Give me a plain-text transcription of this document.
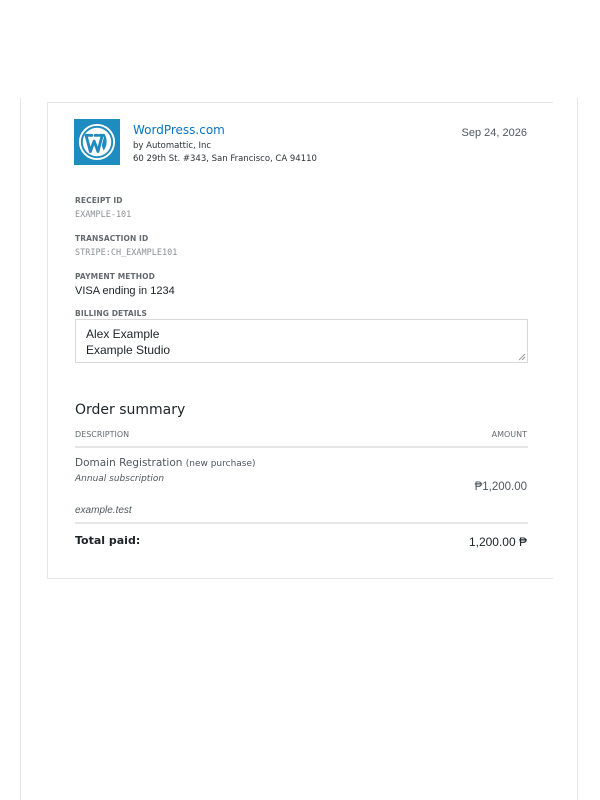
WordPress.com
by Automattic, Inc
60 29th St. #343, San Francisco, CA 94110
Sep 24, 2026
RECEIPT ID
EXAMPLE-101
TRANSACTION ID
STRIPE:CH_EXAMPLE101
PAYMENT METHOD
VISA ending in 1234
BILLING DETAILS
Alex Example
Example Studio
Order summary
DESCRIPTION	AMOUNT
Domain Registration (new purchase)
Annual subscription
₱1,200.00
example.test
Total paid:	1,200.00 ₱
